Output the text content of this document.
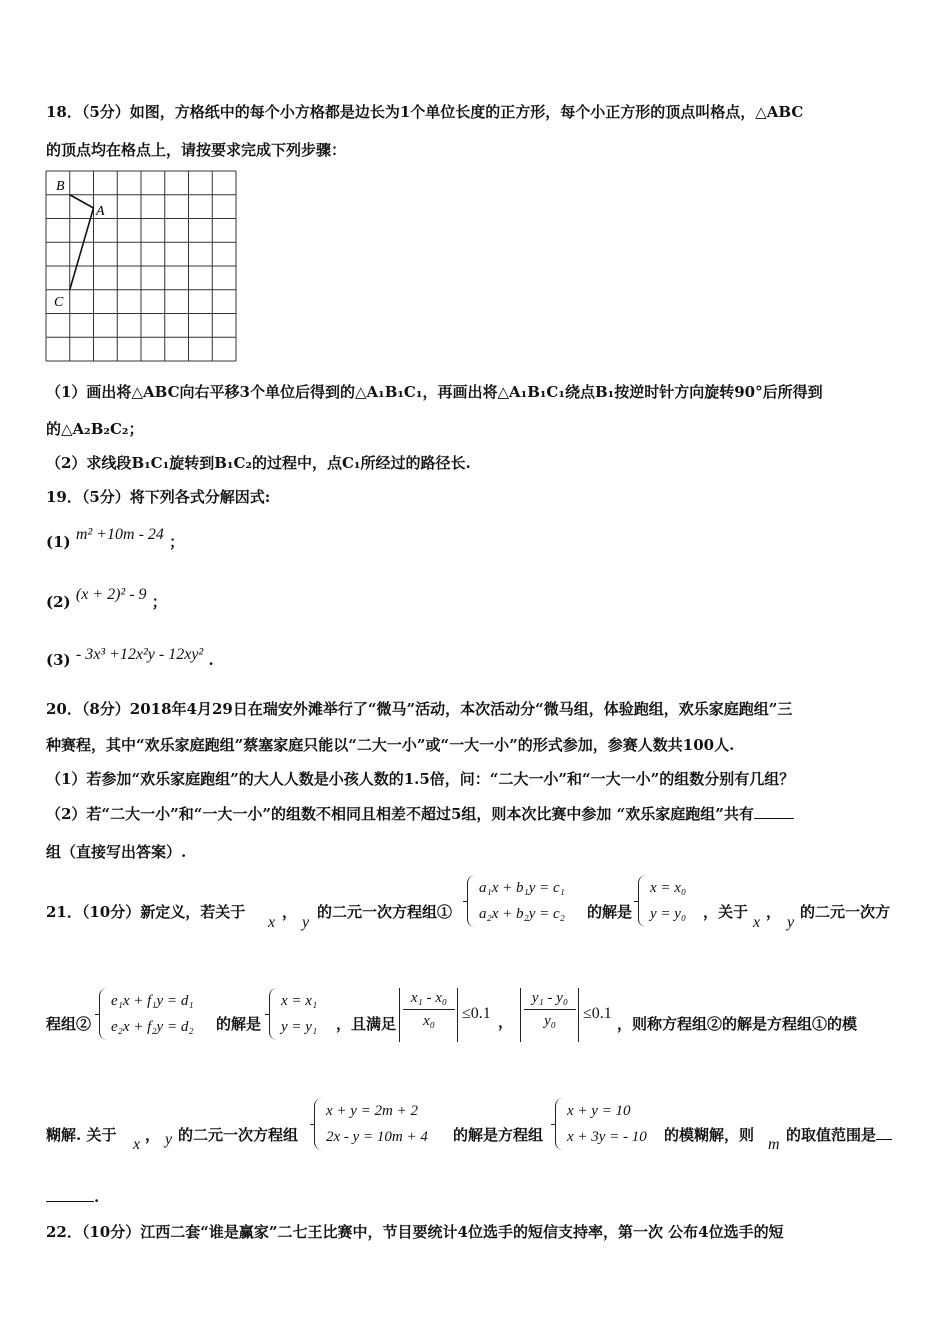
18．（5分）如图，方格纸中的每个小方格都是边长为1个单位长度的正方形，每个小正方形的顶点叫格点，△ABC
的顶点均在格点上，请按要求完成下列步骤：
B
A
C
（1）画出将△ABC向右平移3个单位后得到的△A₁B₁C₁，再画出将△A₁B₁C₁绕点B₁按逆时针方向旋转90°后所得到
的△A₂B₂C₂；
（2）求线段B₁C₁旋转到B₁C₂的过程中，点C₁所经过的路径长.
19．（5分）将下列各式分解因式:
(1) m² +10m - 24 ；
(2) (x + 2)² - 9 ；
(3) - 3x³ +12x²y - 12xy² .
20．（8分）2018年4月29日在瑞安外滩举行了“微马”活动，本次活动分“微马组，体验跑组，欢乐家庭跑组”三
种赛程，其中“欢乐家庭跑组”蔡塞家庭只能以“二大一小”或“一大一小”的形式参加，参赛人数共100人.
（1）若参加“欢乐家庭跑组”的大人人数是小孩人数的1.5倍，问：“二大一小”和“一大一小”的组数分别有几组？
（2）若“二大一小”和“一大一小”的组数不相同且相差不超过5组，则本次比赛中参加 “欢乐家庭跑组”共有
组（直接写出答案）.
21．（10分）新定义，若关于
x
，
y
的二元一次方程组①
a₁x + b₁y = c₁
a₂x + b₂y = c₂ 的解是
x = x₀
y = y₀ ，关于
x
，
y
的二元一次方
程组②
e₁x + f₁y = d₁
e₂x + f₂y = d₂ 的解是
x = x₁
y = y₁ ，且满足 $\frac{\text{x₁ - x₀}}{\text{x₀}} \le 0.1$ ， $\frac{\text{y₁ - y₀}}{\text{y₀}} \le 0.1$
，则称方程组②的解是方程组①的模
糊解. 关于
x
， y 的二元一次方程组
x + y = 2m + 2
2x - y = 10m + 4 的解是方程组
x + y = 10
x + 3y = - 10 的模糊解，则
m
的取值范围是
.
22．（10分）江西二套“谁是赢家”二七王比赛中，节目要统计4位选手的短信支持率，第一次 公布4位选手的短
